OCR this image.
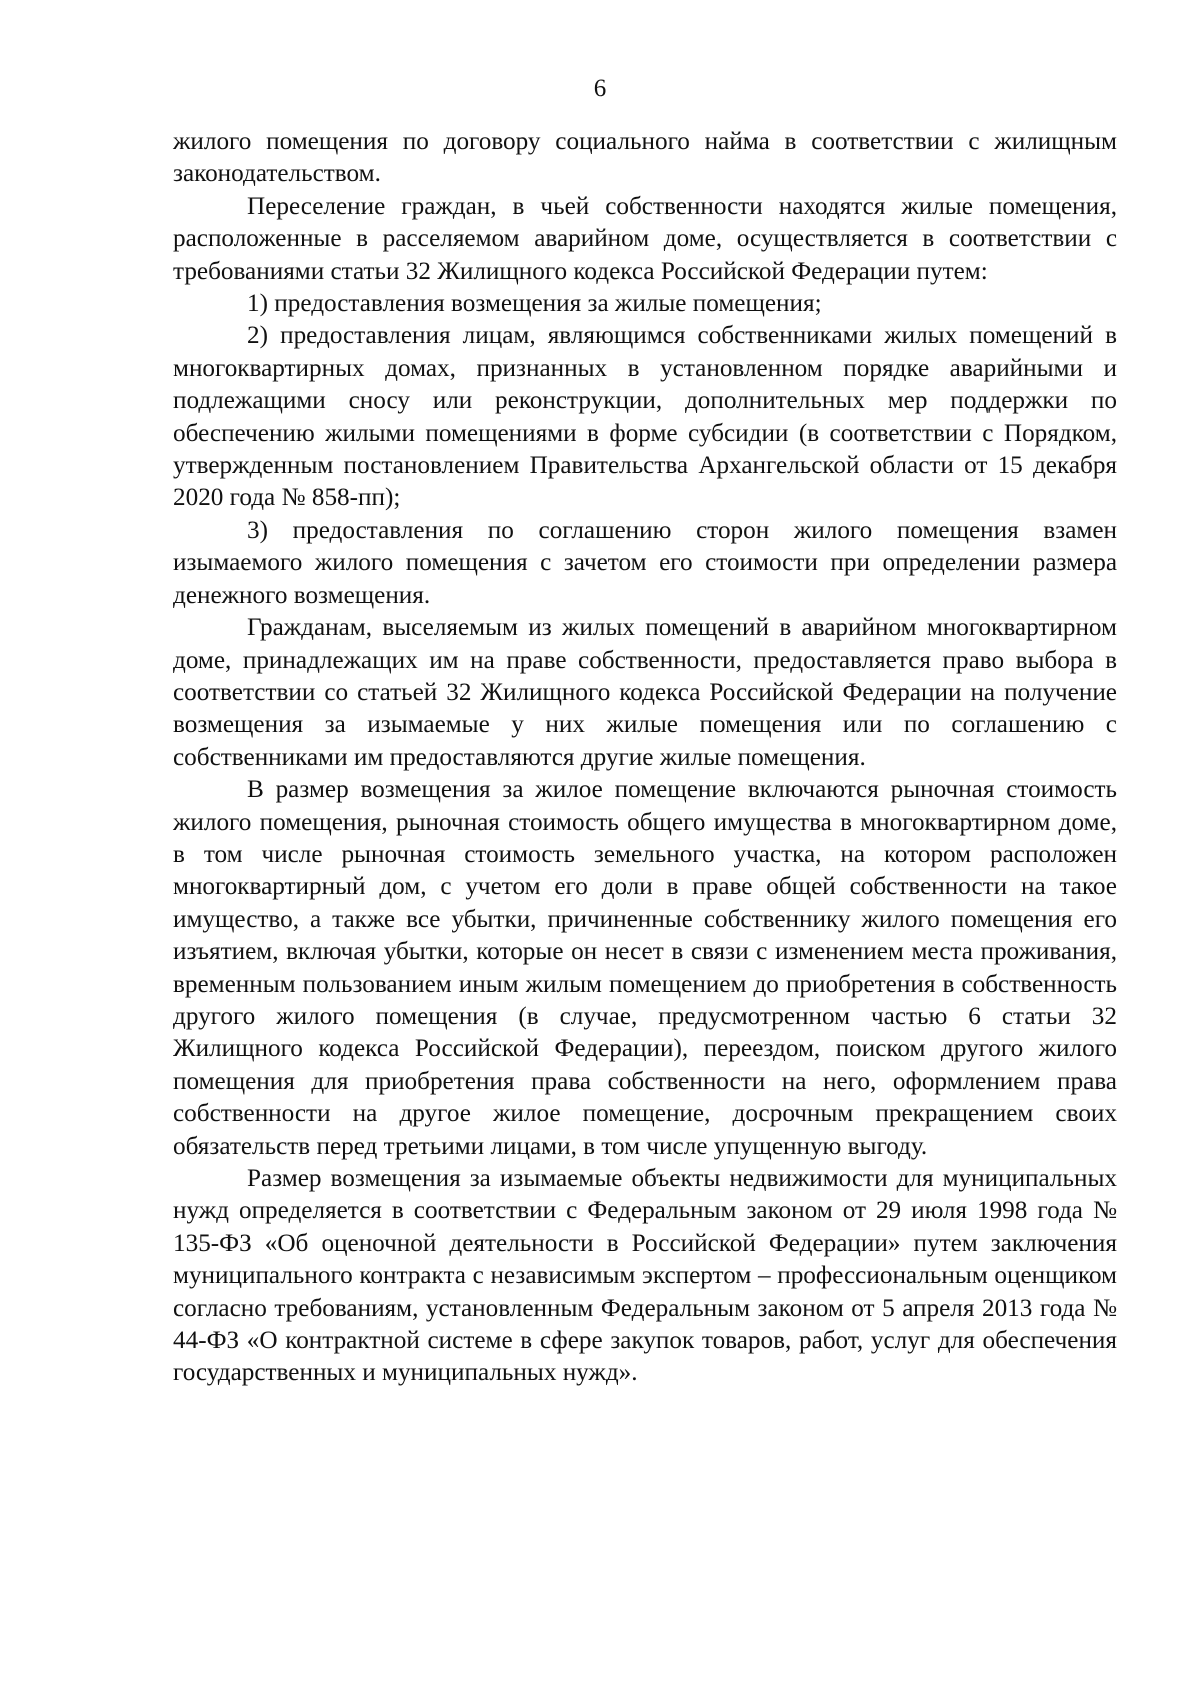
6

жилого помещения по договору социального найма в соответствии с жилищным законодательством.

Переселение граждан, в чьей собственности находятся жилые помещения, расположенные в расселяемом аварийном доме, осуществляется в соответствии с требованиями статьи 32 Жилищного кодекса Российской Федерации путем:

1) предоставления возмещения за жилые помещения;

2) предоставления лицам, являющимся собственниками жилых помещений в многоквартирных домах, признанных в установленном порядке аварийными и подлежащими сносу или реконструкции, дополнительных мер поддержки по обеспечению жилыми помещениями в форме субсидии (в соответствии с Порядком, утвержденным постановлением Правительства Архангельской области от 15 декабря 2020 года № 858-пп);

3) предоставления по соглашению сторон жилого помещения взамен изымаемого жилого помещения с зачетом его стоимости при определении размера денежного возмещения.

Гражданам, выселяемым из жилых помещений в аварийном многоквартирном доме, принадлежащих им на праве собственности, предоставляется право выбора в соответствии со статьей 32 Жилищного кодекса Российской Федерации на получение возмещения за изымаемые у них жилые помещения или по соглашению с собственниками им предоставляются другие жилые помещения.

В размер возмещения за жилое помещение включаются рыночная стоимость жилого помещения, рыночная стоимость общего имущества в многоквартирном доме, в том числе рыночная стоимость земельного участка, на котором расположен многоквартирный дом, с учетом его доли в праве общей собственности на такое имущество, а также все убытки, причиненные собственнику жилого помещения его изъятием, включая убытки, которые он несет в связи с изменением места проживания, временным пользованием иным жилым помещением до приобретения в собственность другого жилого помещения (в случае, предусмотренном частью 6 статьи 32 Жилищного кодекса Российской Федерации), переездом, поиском другого жилого помещения для приобретения права собственности на него, оформлением права собственности на другое жилое помещение, досрочным прекращением своих обязательств перед третьими лицами, в том числе упущенную выгоду.

Размер возмещения за изымаемые объекты недвижимости для муниципальных нужд определяется в соответствии с Федеральным законом от 29 июля 1998 года № 135-ФЗ «Об оценочной деятельности в Российской Федерации» путем заключения муниципального контракта с независимым экспертом – профессиональным оценщиком согласно требованиям, установленным Федеральным законом от 5 апреля 2013 года № 44-ФЗ «О контрактной системе в сфере закупок товаров, работ, услуг для обеспечения государственных и муниципальных нужд».
